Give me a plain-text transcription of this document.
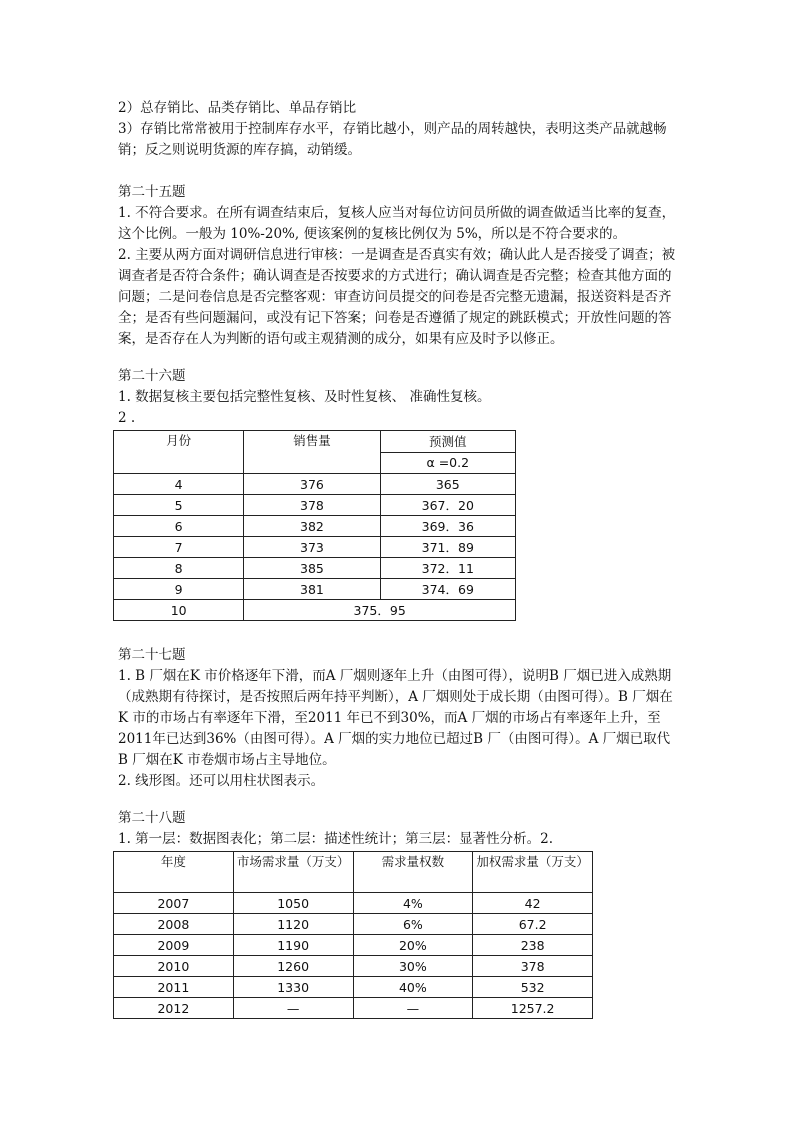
2）总存销比、品类存销比、单品存销比

3）存销比常常被用于控制库存水平，存销比越小，则产品的周转越快，表明这类产品就越畅销；反之则说明货源的库存搞，动销缓。

第二十五题

1. 不符合要求。在所有调查结束后，复核人应当对每位访问员所做的调查做适当比率的复查，这个比例。一般为 10%-20%, 便该案例的复核比例仅为 5%，所以是不符合要求的。

2. 主要从两方面对调研信息进行审核：一是调查是否真实有效；确认此人是否接受了调查；被调查者是否符合条件；确认调查是否按要求的方式进行；确认调查是否完整；检查其他方面的问题；二是问卷信息是否完整客观：审查访问员提交的问卷是否完整无遗漏，报送资料是否齐全；是否有些问题漏问，或没有记下答案；问卷是否遵循了规定的跳跃模式；开放性问题的答案，是否存在人为判断的语句或主观猜测的成分，如果有应及时予以修正。

第二十六题

1. 数据复核主要包括完整性复核、及时性复核、 准确性复核。

2 .

月份	销售量	预测值
		α =0.2
4	376	365
5	378	367．20
6	382	369．36
7	373	371．89
8	385	372．11
9	381	374．69
10	375．95	

第二十七题

1. B 厂烟在K 市价格逐年下滑，而A 厂烟则逐年上升（由图可得），说明B 厂烟已进入成熟期（成熟期有待探讨，是否按照后两年持平判断），A 厂烟则处于成长期（由图可得）。B 厂烟在K 市的市场占有率逐年下滑，至2011 年已不到30%，而A 厂烟的市场占有率逐年上升，至2011年已达到36%（由图可得）。A 厂烟的实力地位已超过B 厂（由图可得）。A 厂烟已取代B 厂烟在K 市卷烟市场占主导地位。

2. 线形图。还可以用柱状图表示。

第二十八题

1. 第一层：数据图表化；第二层：描述性统计；第三层：显著性分析。2.

年度	市场需求量（万支）	需求量权数	加权需求量（万支）
2007	1050	4%	42
2008	1120	6%	67.2
2009	1190	20%	238
2010	1260	30%	378
2011	1330	40%	532
2012	—	—	1257.2
